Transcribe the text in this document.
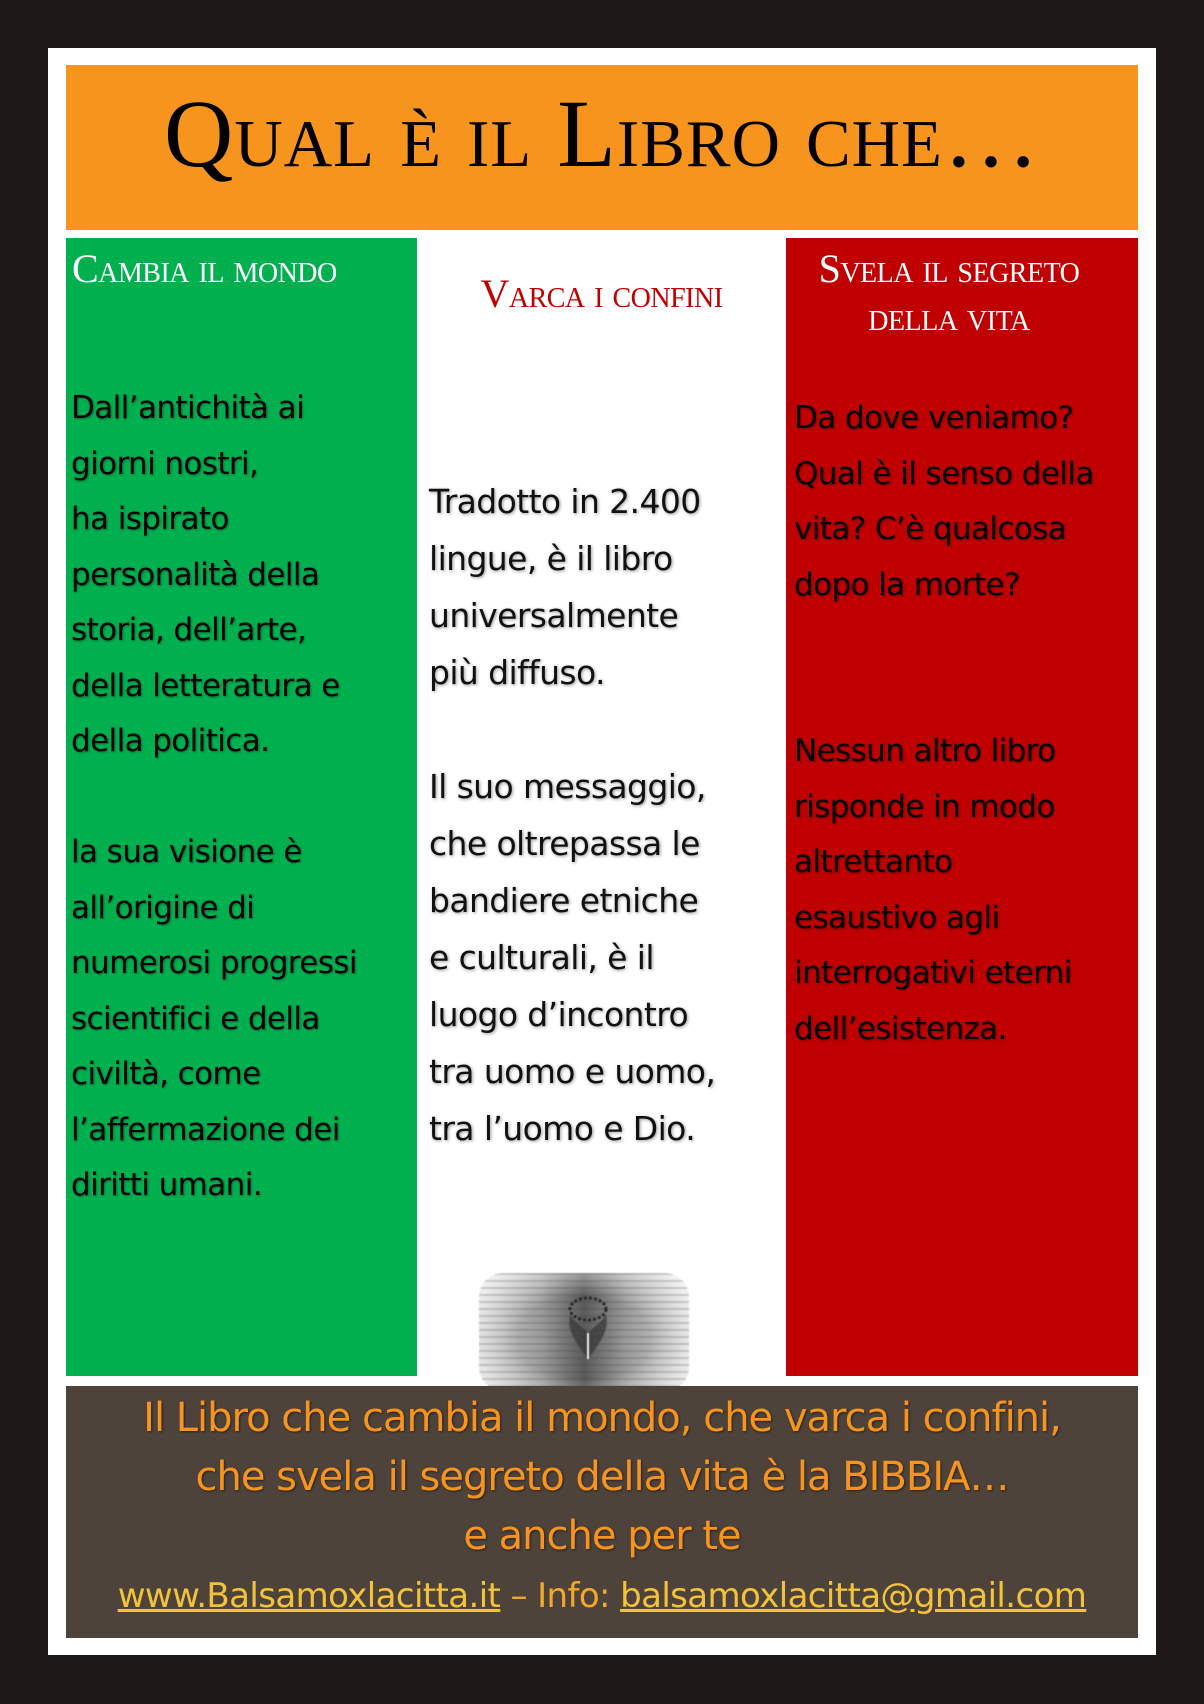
Qual è il Libro che…
Cambia il mondo

Dall’antichità ai
giorni nostri,
ha ispirato
personalità della
storia, dell’arte,
della letteratura e
della politica.

la sua visione è
all’origine di
numerosi progressi
scientifici e della
civiltà, come
l’affermazione dei
diritti umani.

Varca i confini

Tradotto in 2.400
lingue, è il libro
universalmente
più diffuso.

Il suo messaggio,
che oltrepassa le
bandiere etniche
e culturali, è il
luogo d’incontro
tra uomo e uomo,
tra l’uomo e Dio.

Svela il segreto della vita

Da dove veniamo?
Qual è il senso della
vita? C’è qualcosa
dopo la morte?

Nessun altro libro
risponde in modo
altrettanto
esaustivo agli
interrogativi eterni
dell’esistenza.

Il Libro che cambia il mondo, che varca i confini,

che svela il segreto della vita è la BIBBIA…

e anche per te

www.Balsamoxlacitta.it – Info: balsamoxlacitta@gmail.com
